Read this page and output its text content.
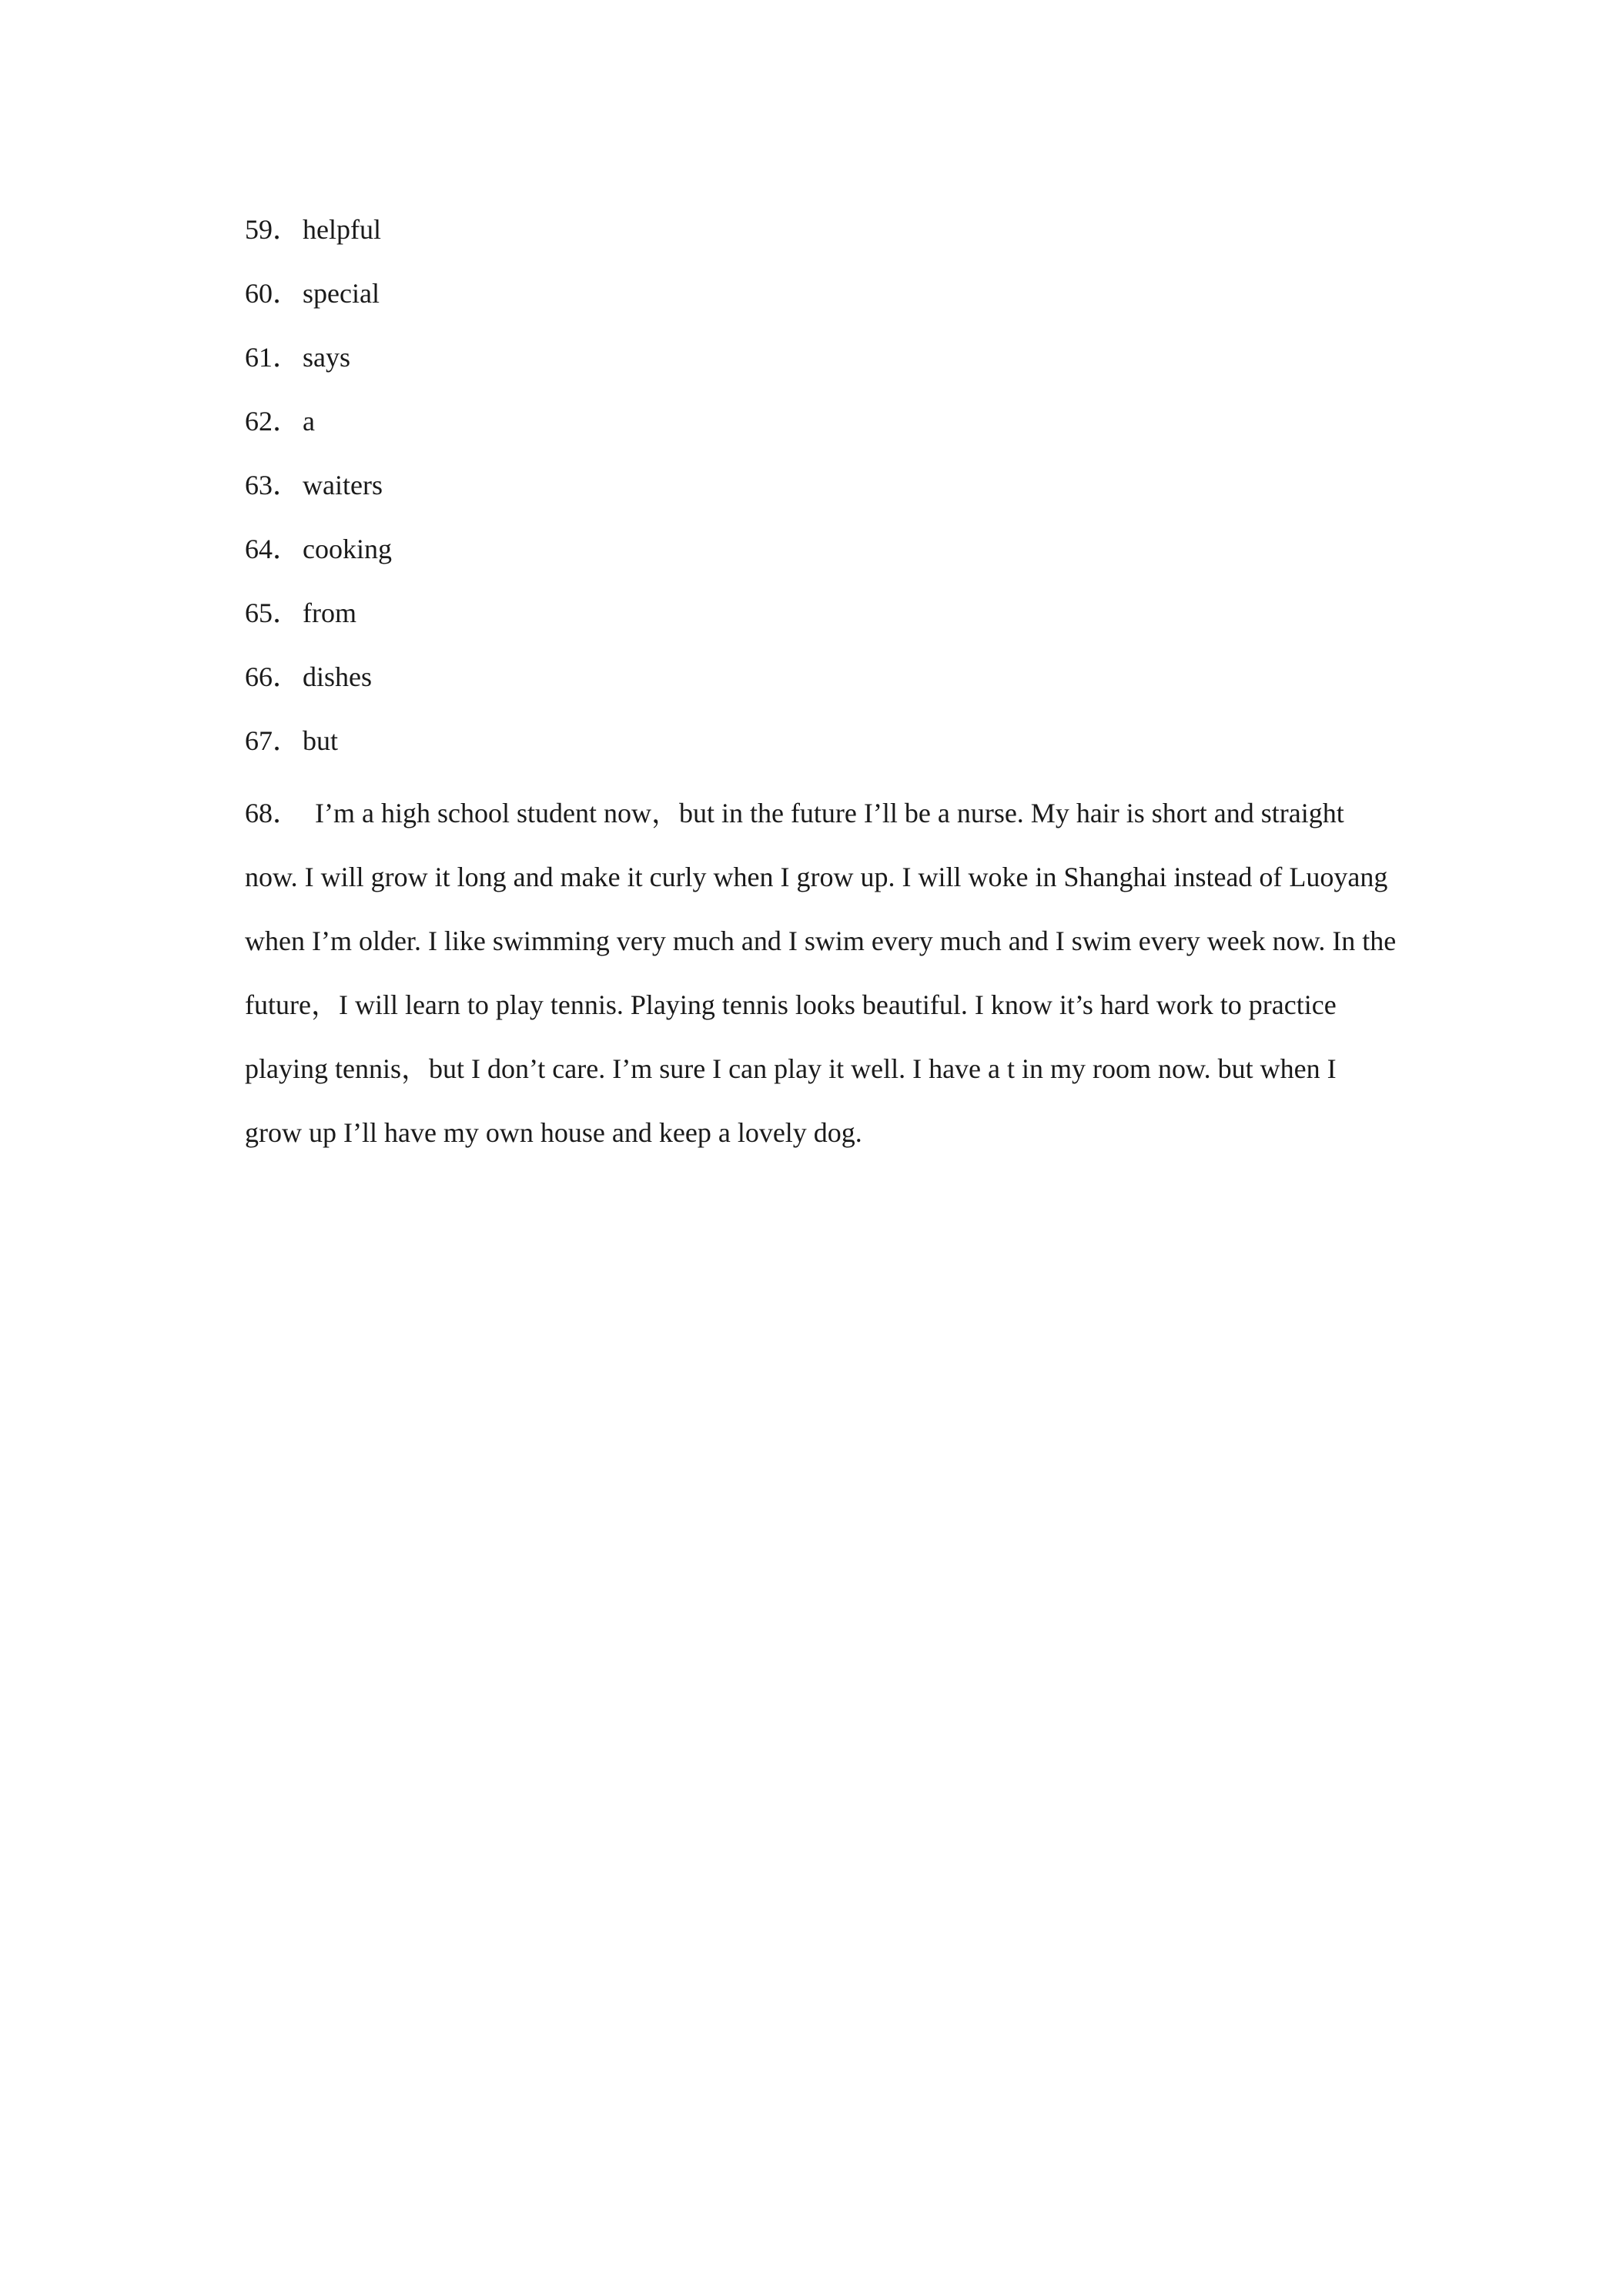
59．helpful
60．special
61．says
62．a
63．waiters
64．cooking
65．from
66．dishes
67．but

68． I’m a high school student now，but in the future I’ll be a nurse. My hair is short and straight now. I will grow it long and make it curly when I grow up. I will woke in Shanghai instead of Luoyang when I’m older. I like swimming very much and I swim every much and I swim every week now. In the future，I will learn to play tennis. Playing tennis looks beautiful. I know it’s hard work to practice playing tennis，but I don’t care. I’m sure I can play it well. I have a t in my room now. but when I grow up I’ll have my own house and keep a lovely dog.
